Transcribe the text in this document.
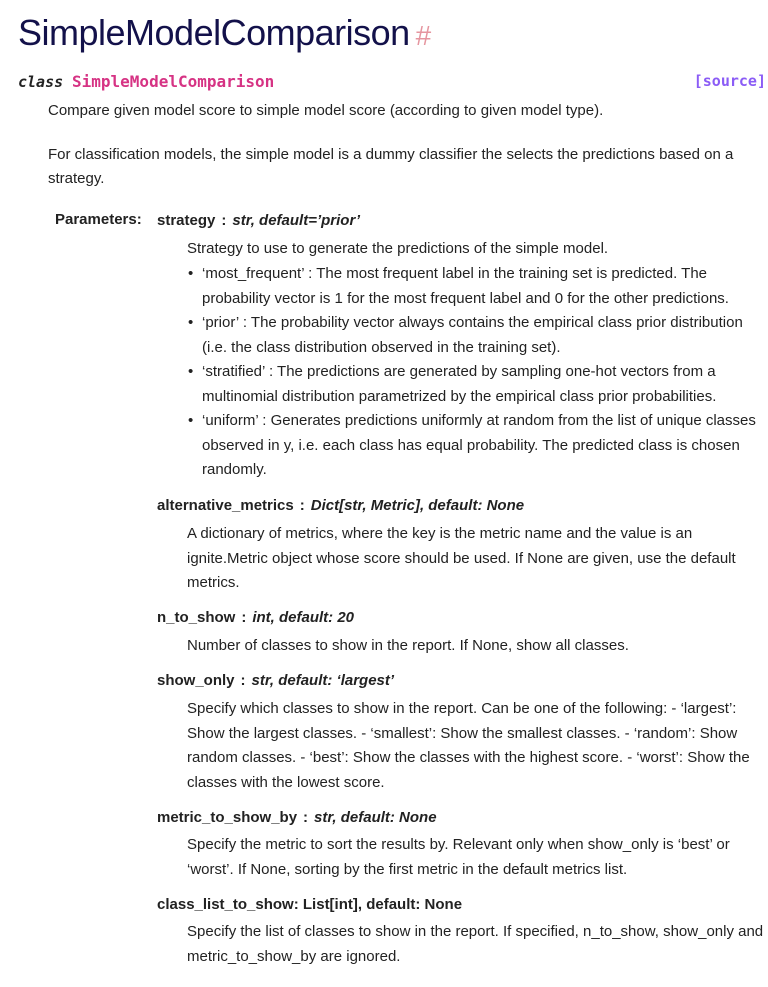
SimpleModelComparison #
class SimpleModelComparison	[source]

Compare given model score to simple model score (according to given model type).

For classification models, the simple model is a dummy classifier the selects the predictions based on a strategy.

Parameters: strategy : str, default=’prior’

Strategy to use to generate the predictions of the simple model.

• ‘most_frequent’ : The most frequent label in the training set is predicted. The probability vector is 1 for the most frequent label and 0 for the other predictions.
• ‘prior’ : The probability vector always contains the empirical class prior distribution (i.e. the class distribution observed in the training set).
• ‘stratified’ : The predictions are generated by sampling one-hot vectors from a multinomial distribution parametrized by the empirical class prior probabilities.
• ‘uniform’ : Generates predictions uniformly at random from the list of unique classes observed in y, i.e. each class has equal probability. The predicted class is chosen randomly.
alternative_metrics : Dict[str, Metric], default: None

A dictionary of metrics, where the key is the metric name and the value is an ignite.Metric object whose score should be used. If None are given, use the default metrics.

n_to_show : int, default: 20

Number of classes to show in the report. If None, show all classes.

show_only : str, default: ‘largest’

Specify which classes to show in the report. Can be one of the following: - ‘largest’: Show the largest classes. - ‘smallest’: Show the smallest classes. - ‘random’: Show random classes. - ‘best’: Show the classes with the highest score. - ‘worst’: Show the classes with the lowest score.

metric_to_show_by : str, default: None

Specify the metric to sort the results by. Relevant only when show_only is ‘best’ or ‘worst’. If None, sorting by the first metric in the default metrics list.

class_list_to_show: List[int], default: None

Specify the list of classes to show in the report. If specified, n_to_show, show_only and metric_to_show_by are ignored.
